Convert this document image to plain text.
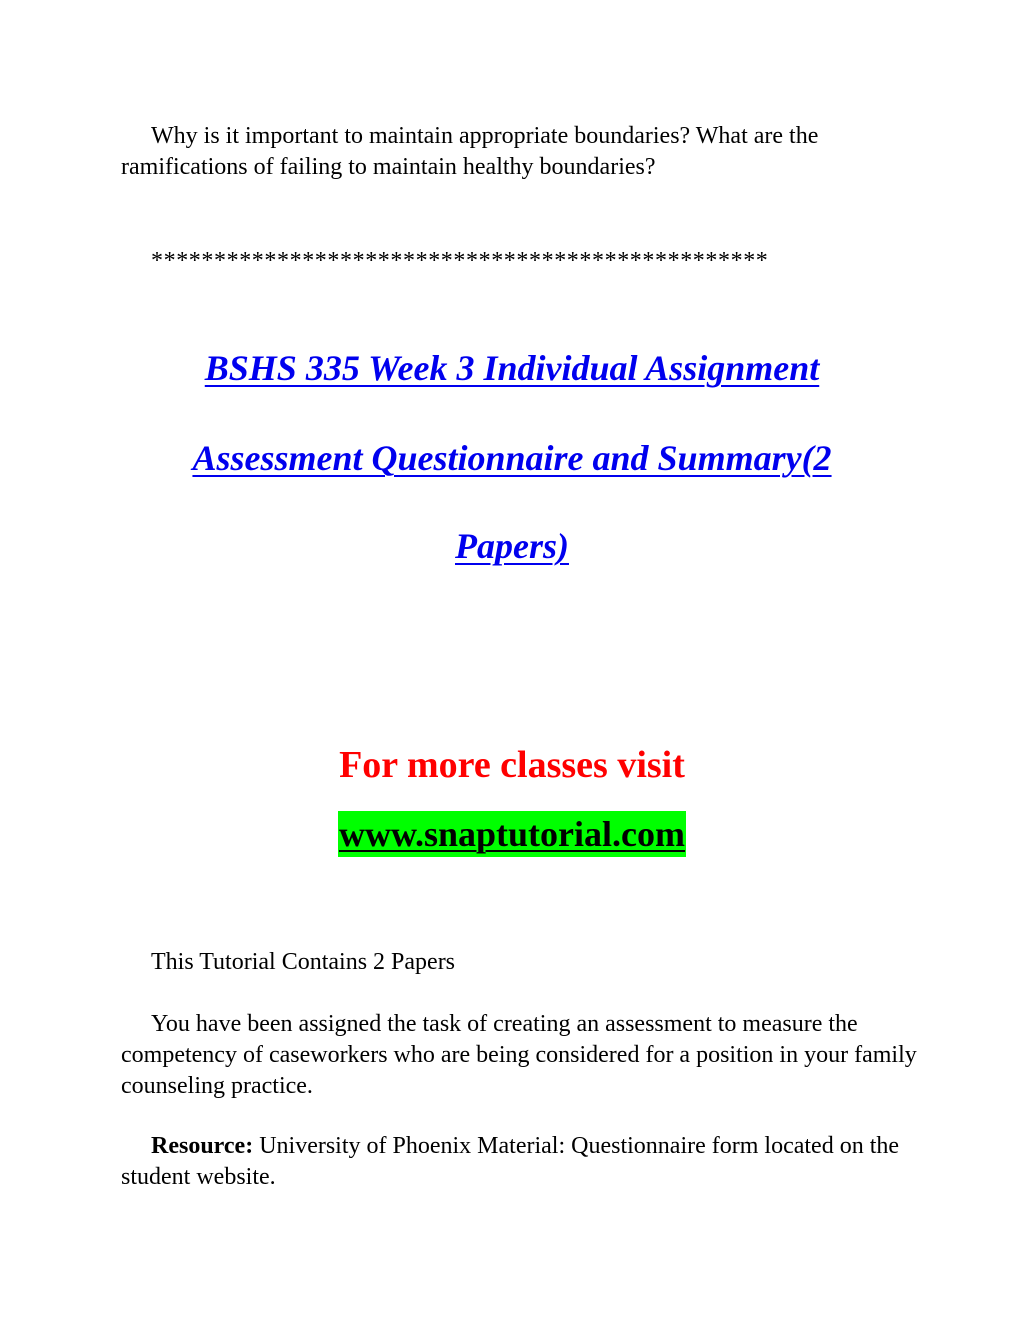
Why is it important to maintain appropriate boundaries? What are the ramifications of failing to maintain healthy boundaries?

*************************************************
BSHS 335 Week 3 Individual Assignment
Assessment Questionnaire and Summary(2
Papers)
For more classes visit
www.snaptutorial.com

This Tutorial Contains 2 Papers

You have been assigned the task of creating an assessment to measure the competency of caseworkers who are being considered for a position in your family counseling practice.

Resource: University of Phoenix Material: Questionnaire form located on the student website.
